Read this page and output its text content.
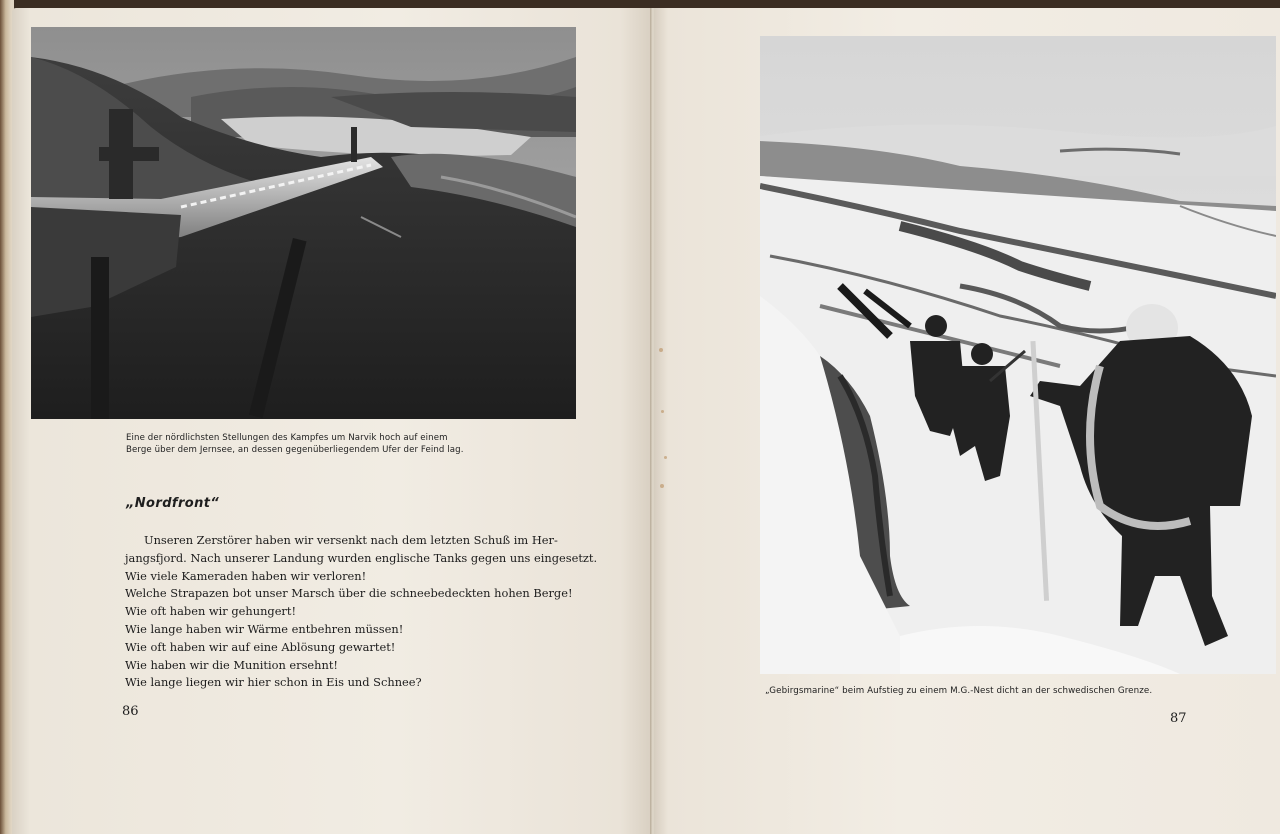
Eine der nördlichsten Stellungen des Kampfes um Narvik hoch auf einem
Berge über dem Jernsee, an dessen gegenüberliegendem Ufer der Feind lag.
„Nordfront“
Unseren Zerstörer haben wir versenkt nach dem letzten Schuß im Her-
jangsfjord. Nach unserer Landung wurden englische Tanks gegen uns eingesetzt.
Wie viele Kameraden haben wir verloren!
Welche Strapazen bot unser Marsch über die schneebedeckten hohen Berge!
Wie oft haben wir gehungert!
Wie lange haben wir Wärme entbehren müssen!
Wie oft haben wir auf eine Ablösung gewartet!
Wie haben wir die Munition ersehnt!
Wie lange liegen wir hier schon in Eis und Schnee?
86
„Gebirgsmarine“ beim Aufstieg zu einem M.G.-Nest dicht an der schwedischen Grenze.
87
